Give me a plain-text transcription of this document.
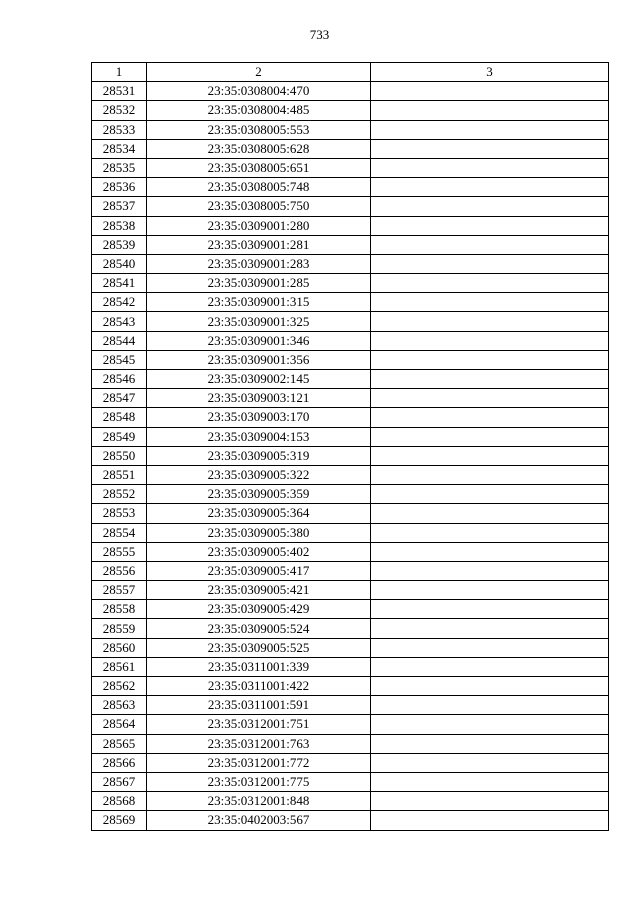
733
1	2	3
28531	23:35:0308004:470	
28532	23:35:0308004:485	
28533	23:35:0308005:553	
28534	23:35:0308005:628	
28535	23:35:0308005:651	
28536	23:35:0308005:748	
28537	23:35:0308005:750	
28538	23:35:0309001:280	
28539	23:35:0309001:281	
28540	23:35:0309001:283	
28541	23:35:0309001:285	
28542	23:35:0309001:315	
28543	23:35:0309001:325	
28544	23:35:0309001:346	
28545	23:35:0309001:356	
28546	23:35:0309002:145	
28547	23:35:0309003:121	
28548	23:35:0309003:170	
28549	23:35:0309004:153	
28550	23:35:0309005:319	
28551	23:35:0309005:322	
28552	23:35:0309005:359	
28553	23:35:0309005:364	
28554	23:35:0309005:380	
28555	23:35:0309005:402	
28556	23:35:0309005:417	
28557	23:35:0309005:421	
28558	23:35:0309005:429	
28559	23:35:0309005:524	
28560	23:35:0309005:525	
28561	23:35:0311001:339	
28562	23:35:0311001:422	
28563	23:35:0311001:591	
28564	23:35:0312001:751	
28565	23:35:0312001:763	
28566	23:35:0312001:772	
28567	23:35:0312001:775	
28568	23:35:0312001:848	
28569	23:35:0402003:567	
